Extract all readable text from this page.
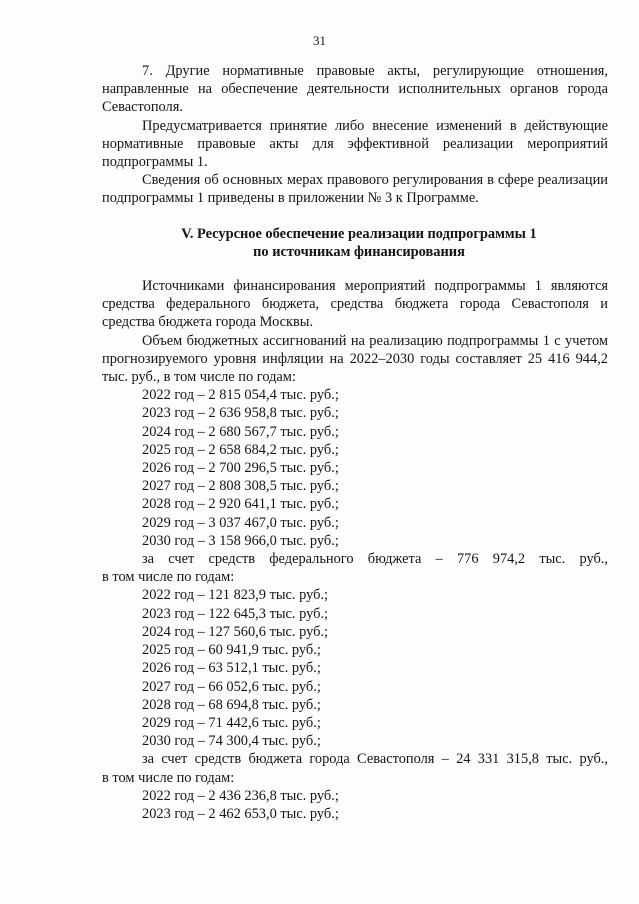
31

7. Другие нормативные правовые акты, регулирующие отношения, направленные на обеспечение деятельности исполнительных органов города Севастополя.

Предусматривается принятие либо внесение изменений в действующие нормативные правовые акты для эффективной реализации мероприятий подпрограммы 1.

Сведения об основных мерах правового регулирования в сфере реализации подпрограммы 1 приведены в приложении № 3 к Программе.

V. Ресурсное обеспечение реализации подпрограммы 1
по источникам финансирования

Источниками финансирования мероприятий подпрограммы 1 являются средства федерального бюджета, средства бюджета города Севастополя и средства бюджета города Москвы.

Объем бюджетных ассигнований на реализацию подпрограммы 1 с учетом прогнозируемого уровня инфляции на 2022–2030 годы составляет 25 416 944,2 тыс. руб., в том числе по годам:

2022 год – 2 815 054,4 тыс. руб.;

2023 год – 2 636 958,8 тыс. руб.;

2024 год – 2 680 567,7 тыс. руб.;

2025 год – 2 658 684,2 тыс. руб.;

2026 год – 2 700 296,5 тыс. руб.;

2027 год – 2 808 308,5 тыс. руб.;

2028 год – 2 920 641,1 тыс. руб.;

2029 год – 3 037 467,0 тыс. руб.;

2030 год – 3 158 966,0 тыс. руб.;

за счет средств федерального бюджета – 776 974,2 тыс. руб.,

в том числе по годам:

2022 год – 121 823,9 тыс. руб.;

2023 год – 122 645,3 тыс. руб.;

2024 год – 127 560,6 тыс. руб.;

2025 год – 60 941,9 тыс. руб.;

2026 год – 63 512,1 тыс. руб.;

2027 год – 66 052,6 тыс. руб.;

2028 год – 68 694,8 тыс. руб.;

2029 год – 71 442,6 тыс. руб.;

2030 год – 74 300,4 тыс. руб.;

за счет средств бюджета города Севастополя – 24 331 315,8 тыс. руб.,

в том числе по годам:

2022 год – 2 436 236,8 тыс. руб.;

2023 год – 2 462 653,0 тыс. руб.;
